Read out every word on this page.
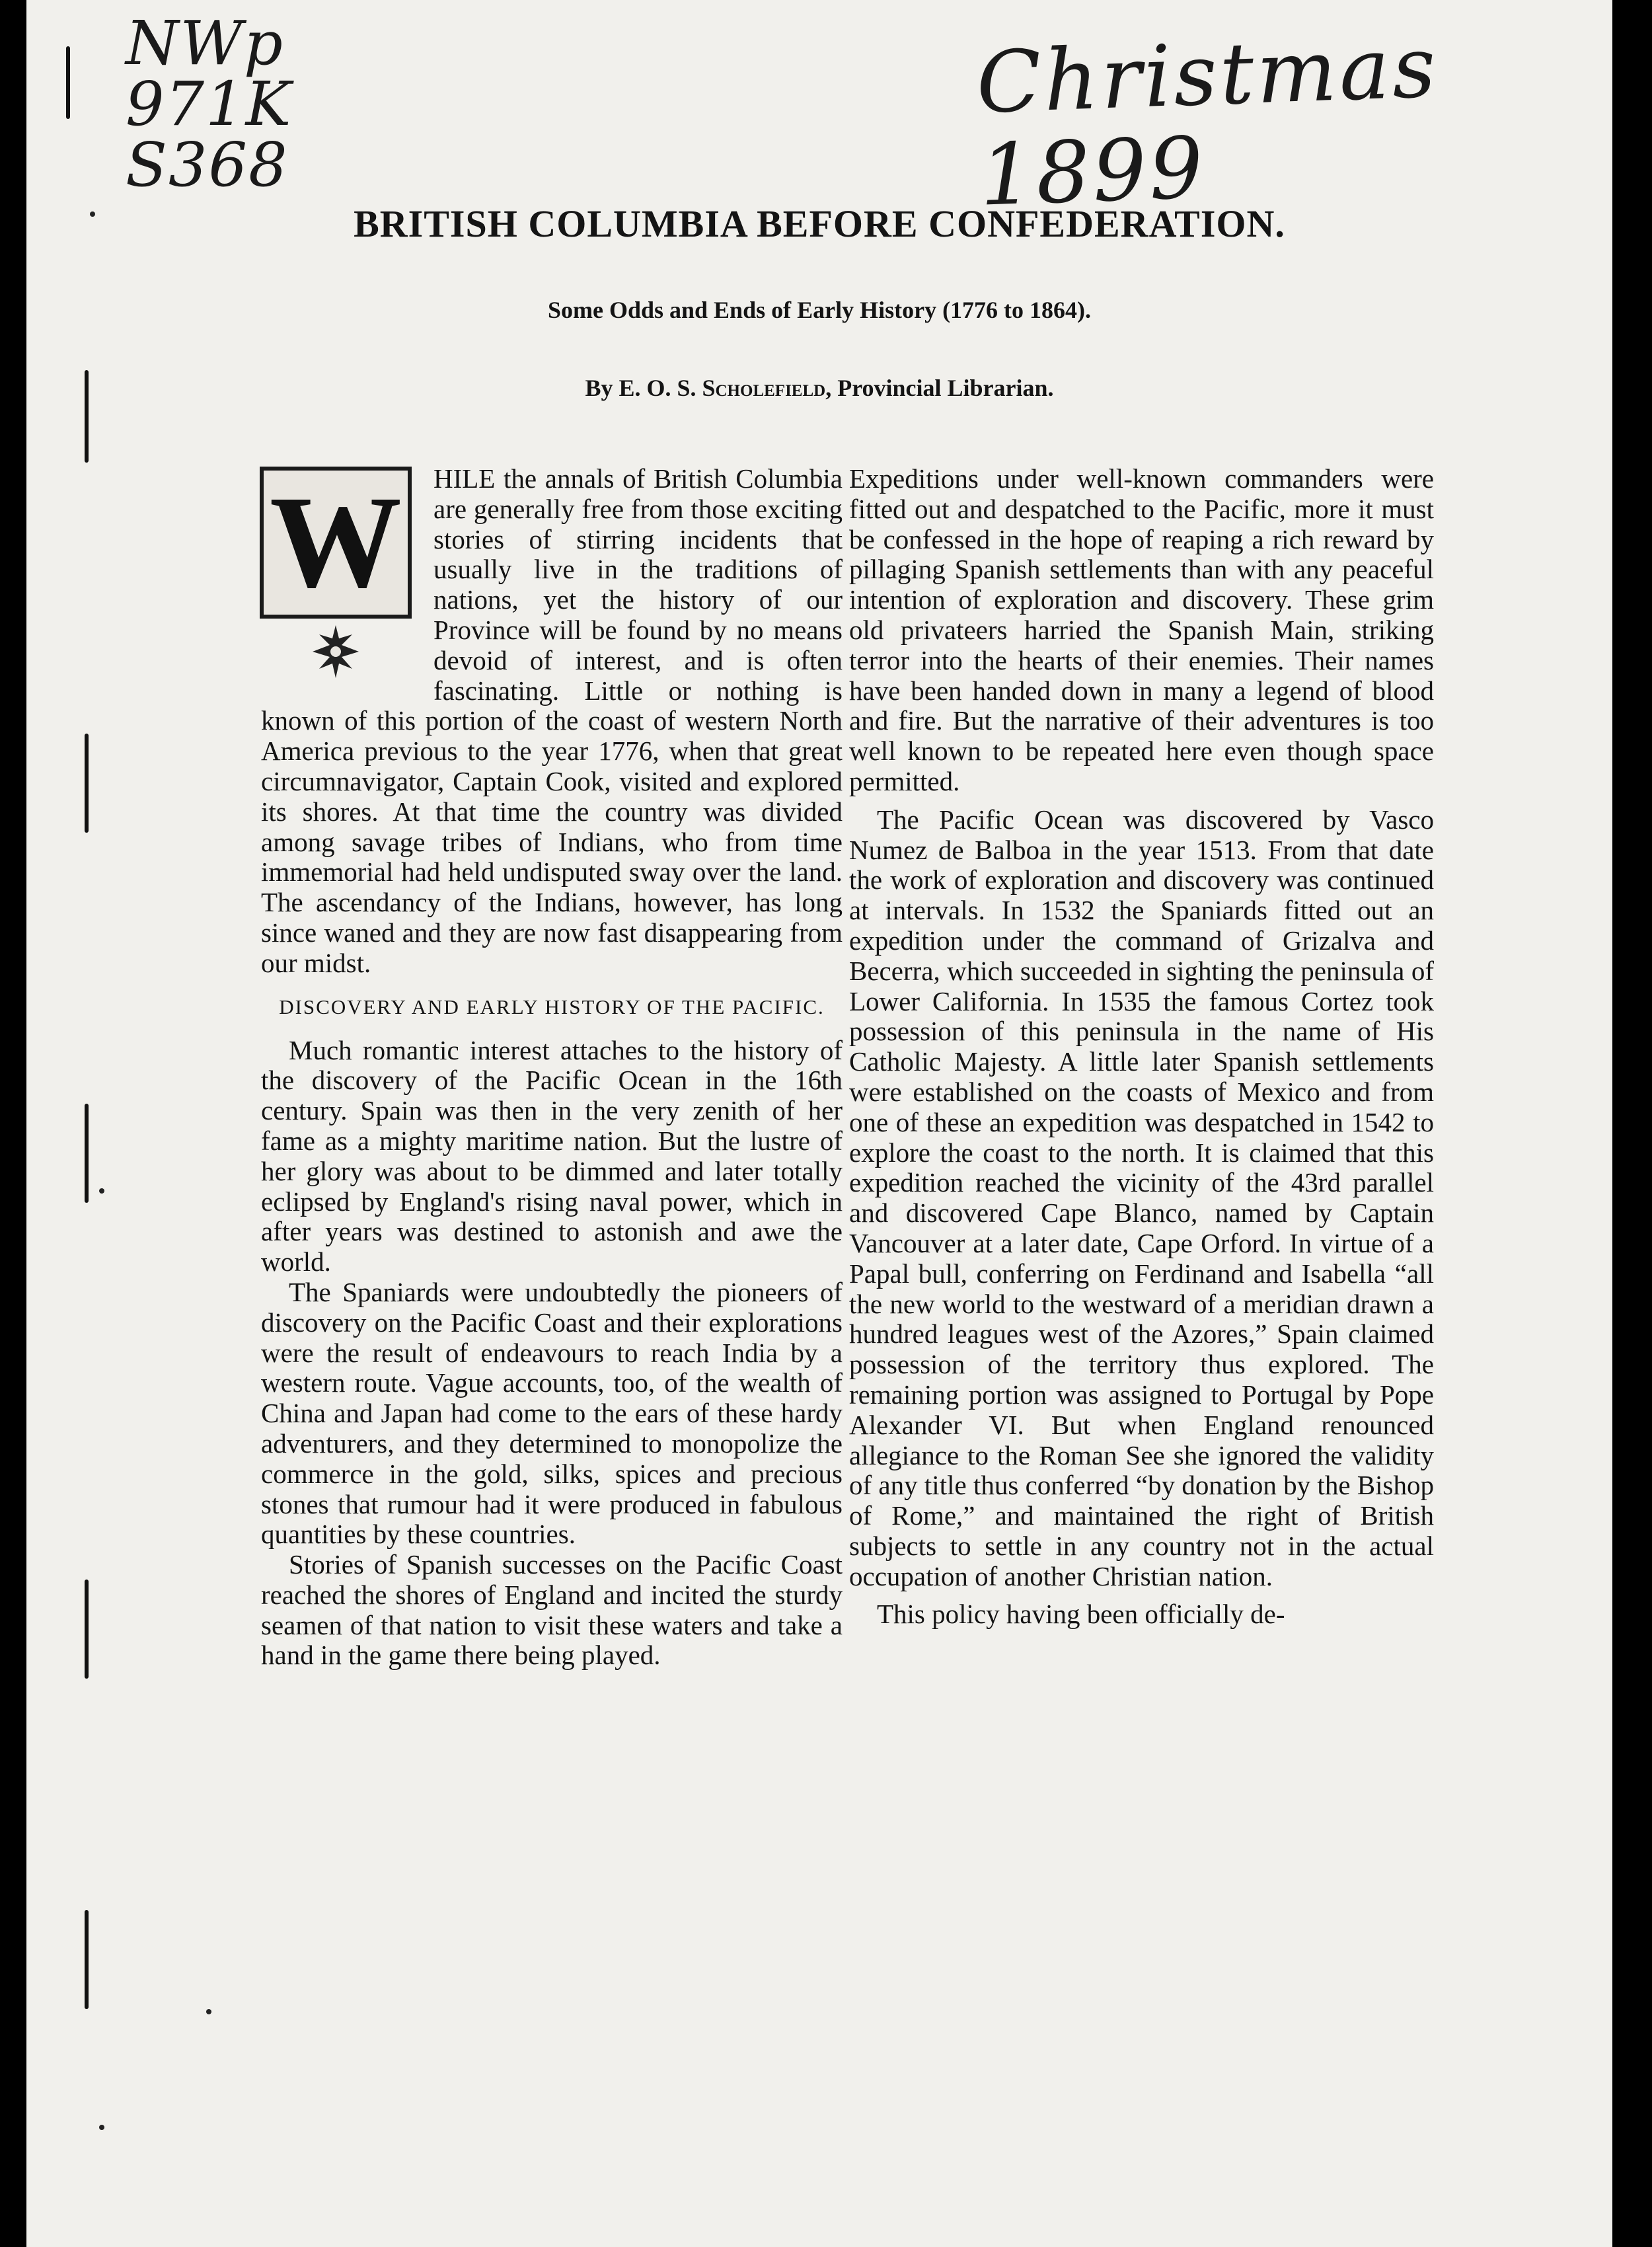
NWp
971K
S368
Christmas 1899
BRITISH COLUMBIA BEFORE CONFEDERATION.
Some Odds and Ends of Early History (1776 to 1864).
By E. O. S. Scholefield, Provincial Librarian.
W	HILE the annals of British Columbia are generally free from those exciting stories of stirring incidents that usually live in the traditions of nations, yet the history of our Province will be found by no means devoid of interest, and is often fascinating. Little or nothing is known of this portion of the coast of western North America previous to the year 1776, when that great circumnavigator, Captain Cook, visited and explored its shores. At that time the country was divided among savage tribes of Indians, who from time immemorial had held undisputed sway over the land. The ascendancy of the Indians, however, has long since waned and they are now fast disappearing from our midst.

DISCOVERY AND EARLY HISTORY OF THE PACIFIC.

Much romantic interest attaches to the history of the discovery of the Pacific Ocean in the 16th century. Spain was then in the very zenith of her fame as a mighty maritime nation. But the lustre of her glory was about to be dimmed and later totally eclipsed by England's rising naval power, which in after years was destined to astonish and awe the world.

The Spaniards were undoubtedly the pioneers of discovery on the Pacific Coast and their explorations were the result of endeavours to reach India by a western route. Vague accounts, too, of the wealth of China and Japan had come to the ears of these hardy adventurers, and they determined to monopolize the commerce in the gold, silks, spices and precious stones that rumour had it were produced in fabulous quantities by these countries.

Stories of Spanish successes on the Pacific Coast reached the shores of England and incited the sturdy seamen of that nation to visit these waters and take a hand in the game there being played.

Expeditions under well-known commanders were fitted out and despatched to the Pacific, more it must be confessed in the hope of reaping a rich reward by pillaging Spanish settlements than with any peaceful intention of exploration and discovery. These grim old privateers harried the Spanish Main, striking terror into the hearts of their enemies. Their names have been handed down in many a legend of blood and fire. But the narrative of their adventures is too well known to be repeated here even though space permitted.

The Pacific Ocean was discovered by Vasco Numez de Balboa in the year 1513. From that date the work of exploration and discovery was continued at intervals. In 1532 the Spaniards fitted out an expedition under the command of Grizalva and Becerra, which succeeded in sighting the peninsula of Lower California. In 1535 the famous Cortez took possession of this peninsula in the name of His Catholic Majesty. A little later Spanish settlements were established on the coasts of Mexico and from one of these an expedition was despatched in 1542 to explore the coast to the north. It is claimed that this expedition reached the vicinity of the 43rd parallel and discovered Cape Blanco, named by Captain Vancouver at a later date, Cape Orford. In virtue of a Papal bull, conferring on Ferdinand and Isabella “all the new world to the westward of a meridian drawn a hundred leagues west of the Azores,” Spain claimed possession of the territory thus explored. The remaining portion was assigned to Portugal by Pope Alexander VI. But when England renounced allegiance to the Roman See she ignored the validity of any title thus conferred “by donation by the Bishop of Rome,” and maintained the right of British subjects to settle in any country not in the actual occupation of another Christian nation.

This policy having been officially de-
